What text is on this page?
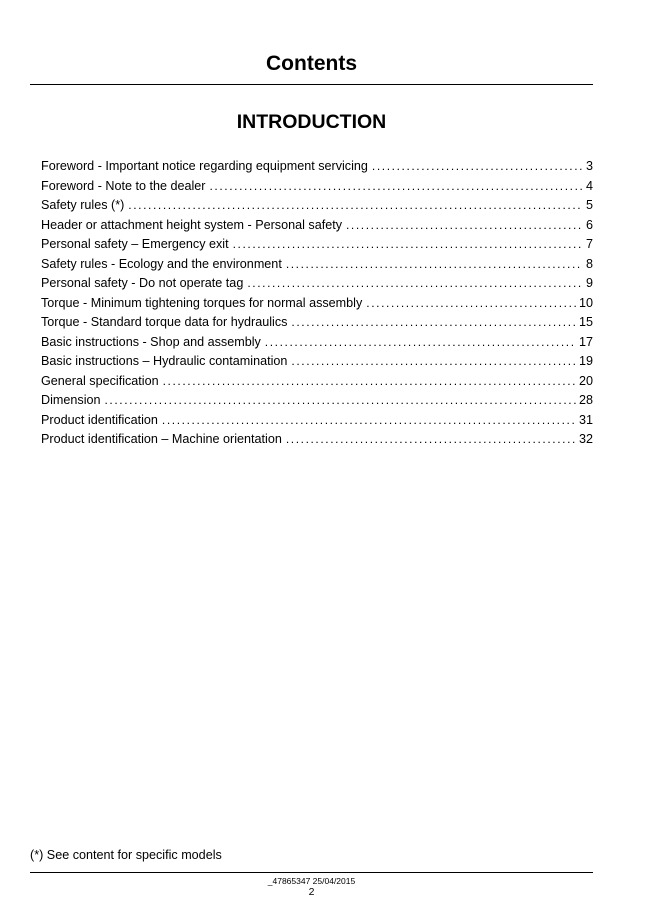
Contents
INTRODUCTION
Foreword - Important notice regarding equipment servicing .....	3
Foreword - Note to the dealer .....	4
Safety rules (*) .....	5
Header or attachment height system - Personal safety .....	6
Personal safety – Emergency exit .....	7
Safety rules - Ecology and the environment .....	8
Personal safety - Do not operate tag .....	9
Torque - Minimum tightening torques for normal assembly .....	10
Torque - Standard torque data for hydraulics .....	15
Basic instructions - Shop and assembly .....	17
Basic instructions – Hydraulic contamination .....	19
General specification .....	20
Dimension .....	28
Product identification .....	31
Product identification – Machine orientation .....	32
(*) See content for specific models
_47865347 25/04/2015
2
